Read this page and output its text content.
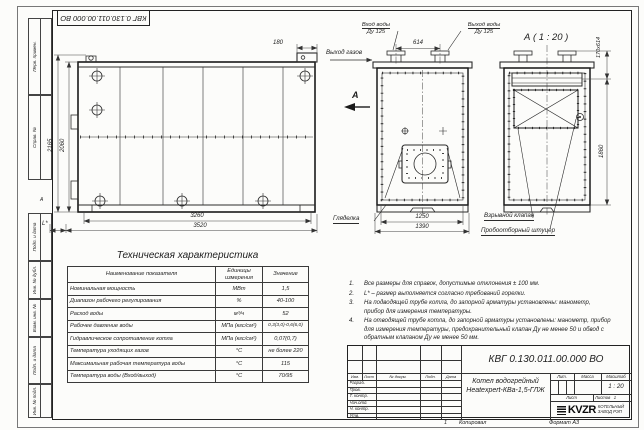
Перв. примен.
Справ. №
Подп. и дата
Инв. № дубл.
Взам. инв. №
Подп. и дата
Инв. № подл.
А
КВГ 0.130.011.00.000 ВО
180
Выход газов
А
2165 2060
3260
3520
L*
Вход воды
Ду 125
Выход воды
Ду 125
614
Гляделка	1250
1390
А ( 1 : 20 )	170х614
1860
Взрывной клапан
Пробоотборный штуцер
Техническая характеристика
Наименование показателя	Единицы измерения	Значение
Номинальная мощность	МВт	1,5
Диапазон рабочего регулирования	%	40-100
Расход воды	м³/ч	52
Рабочее давление воды	МПа (кгс/см²)	0,3(3,0)-0,6(6,0)
Гидравлическое сопротивление котла	МПа (кгс/см²)	0,07(0,7)
Температура уходящих газов	°С	не более 220
Максимальная рабочая температура воды	°С	115
Температура воды (Вход/выход)	°С	70/95
1.	Все размеры для справок, допустимые отклонения ± 100 мм.
2.	L* – размер выполняется согласно требований горелки.
3.	На подводящей трубе котла, до запорной арматуры установлены: манометр, прибор для измерения температуры.
4.	На отводящей трубе котла, до запорной арматуры установлены: манометр, прибор для измерения температуры, предохранительный клапан Ду не менее 50 и обвод с обратным клапаном Ду не менее 50 мм.
Изм.	Лист	№ докум.	Подп.	Дата
Разраб.
Пров.
Т. контр.
Нач.отд.
Н. контр.
Утв.
КВГ 0.130.011.00.000 ВО
Котел водогрейный
Heatexpert-КВа-1,5-ГЛЖ
Лит.	Масса	Масштаб
1 : 20
Лист	Листов 1
KVZR КОТЕЛЬНЫЙ
ЗАВОД РЭП
1 Копировал	Формат А3
